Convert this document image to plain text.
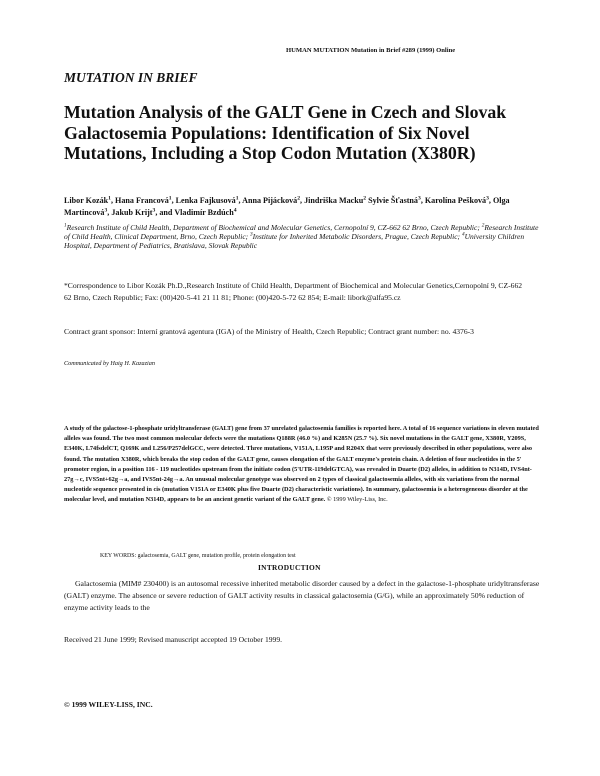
HUMAN MUTATION Mutation in Brief #289 (1999) Online
MUTATION IN BRIEF
Mutation Analysis of the GALT Gene in Czech and Slovak Galactosemia Populations: Identification of Six Novel Mutations, Including a Stop Codon Mutation (X380R)
Libor Kozák$^1$, Hana Francová$^1$, Lenka Fajkusová$^1$, Anna Pijácková$^2$, Jindriška Macku$^2$ Sylvie Šťastná$^3$, Karolína Pešková$^3$, Olga Martincová$^3$, Jakub Krijt$^3$, and Vladimír Bzdúch$^4$
$^1$Research Institute of Child Health, Department of Biochemical and Molecular Genetics, Cernopolní 9, CZ-662 62 Brno, Czech Republic; $^2$Research Institute of Child Health, Clinical Department, Brno, Czech Republic; $^3$Institute for Inherited Metabolic Disorders, Prague, Czech Republic; $^4$University Children Hospital, Department of Pediatrics, Bratislava, Slovak Republic
*Correspondence to Libor Kozák Ph.D.,Research Institute of Child Health, Department of Biochemical and Molecular Genetics,Cernopolní 9, CZ-662 62 Brno, Czech Republic; Fax: (00)420-5-41 21 11 81; Phone: (00)420-5-72 62 854; E-mail: libork@alfa95.cz
Contract grant sponsor: Interní grantová agentura (IGA) of the Ministry of Health, Czech Republic; Contract grant number: no. 4376-3
Communicated by Haig H. Kazazian
A study of the galactose-1-phosphate uridyltransferase (GALT) gene from 37 unrelated galactosemia families is reported here. A total of 16 sequence variations in eleven mutated alleles was found. The two most common molecular defects were the mutations Q188R (46.0 %) and K285N (25.7 %). Six novel mutations in the GALT gene, X380R, Y209S, E340K, L74fsdelCT, Q169K and L256/P257delGCC, were detected. Three mutations, V151A, L195P and R204X that were previously described in other populations, were also found. The mutation X380R, which breaks the stop codon of the GALT gene, causes elongation of the GALT enzyme's protein chain. A deletion of four nucleotides in the 5' promoter region, in a position 116 - 119 nucleotides upstream from the initiate codon (5'UTR-119delGTCA), was revealed in Duarte (D2) alleles, in addition to N314D, IVS4nt-27g→c, IVS5nt+62g→a, and IVS5nt-24g→a. An unusual molecular genotype was observed on 2 types of classical galactosemia alleles, with six variations from the normal nucleotide sequence presented in cis (mutation V151A or E340K plus five Duarte (D2) characteristic variations). In summary, galactosemia is a heterogeneous disorder at the molecular level, and mutation N314D, appears to be an ancient genetic variant of the GALT gene. © 1999 Wiley-Liss, Inc.
KEY WORDS: galactosemia, GALT gene, mutation profile, protein elongation test
INTRODUCTION
Galactosemia (MIM# 230400) is an autosomal recessive inherited metabolic disorder caused by a defect in the galactose-1-phosphate uridyltransferase (GALT) enzyme. The absence or severe reduction of GALT activity results in classical galactosemia (G/G), while an approximately 50% reduction of enzyme activity leads to the
Received 21 June 1999; Revised manuscript accepted 19 October 1999.
© 1999 WILEY-LISS, INC.
